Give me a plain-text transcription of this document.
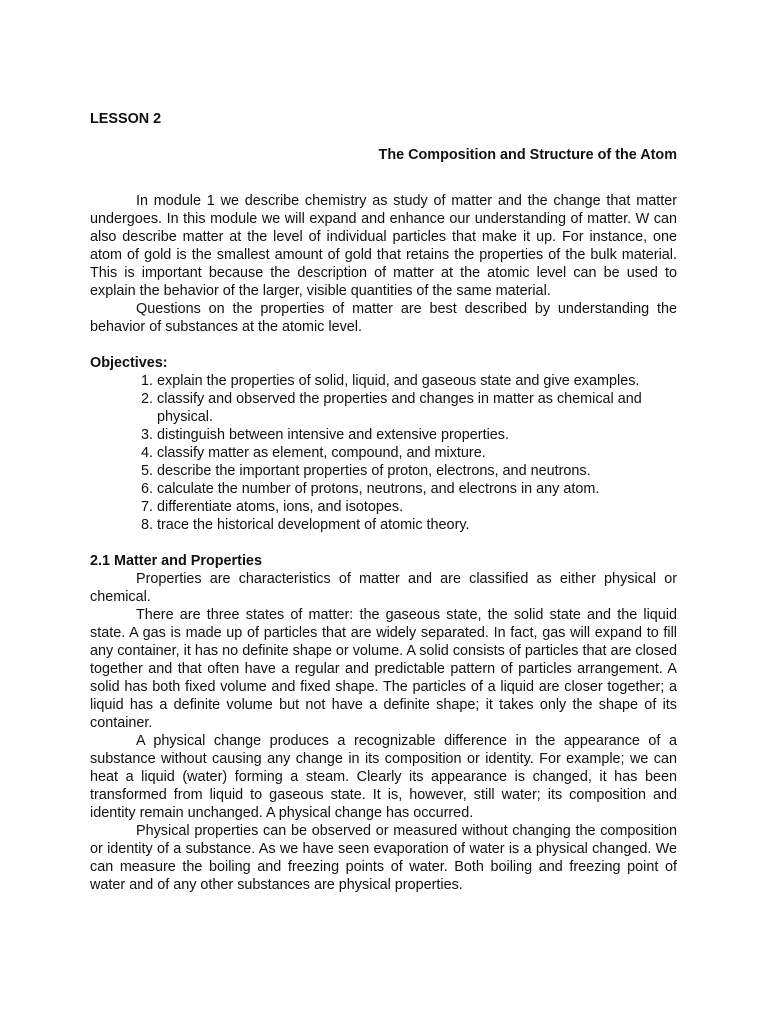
LESSON 2
The Composition and Structure of the Atom

In module 1 we describe chemistry as study of matter and the change that matter undergoes. In this module we will expand and enhance our understanding of matter. W can also describe matter at the level of individual particles that make it up. For instance, one atom of gold is the smallest amount of gold that retains the properties of the bulk material. This is important because the description of matter at the atomic level can be used to explain the behavior of the larger, visible quantities of the same material.

Questions on the properties of matter are best described by understanding the behavior of substances at the atomic level.

Objectives:
1. explain the properties of solid, liquid, and gaseous state and give examples.
2. classify and observed the properties and changes in matter as chemical and physical.
3. distinguish between intensive and extensive properties.
4. classify matter as element, compound, and mixture.
5. describe the important properties of proton, electrons, and neutrons.
6. calculate the number of protons, neutrons, and electrons in any atom.
7. differentiate atoms, ions, and isotopes.
8. trace the historical development of atomic theory.
2.1 Matter and Properties

Properties are characteristics of matter and are classified as either physical or chemical.

There are three states of matter: the gaseous state, the solid state and the liquid state. A gas is made up of particles that are widely separated. In fact, gas will expand to fill any container, it has no definite shape or volume. A solid consists of particles that are closed together and that often have a regular and predictable pattern of particles arrangement. A solid has both fixed volume and fixed shape. The particles of a liquid are closer together; a liquid has a definite volume but not have a definite shape; it takes only the shape of its container.

A physical change produces a recognizable difference in the appearance of a substance without causing any change in its composition or identity. For example; we can heat a liquid (water) forming a steam. Clearly its appearance is changed, it has been transformed from liquid to gaseous state. It is, however, still water; its composition and identity remain unchanged. A physical change has occurred.

Physical properties can be observed or measured without changing the composition or identity of a substance. As we have seen evaporation of water is a physical changed. We can measure the boiling and freezing points of water. Both boiling and freezing point of water and of any other substances are physical properties.
